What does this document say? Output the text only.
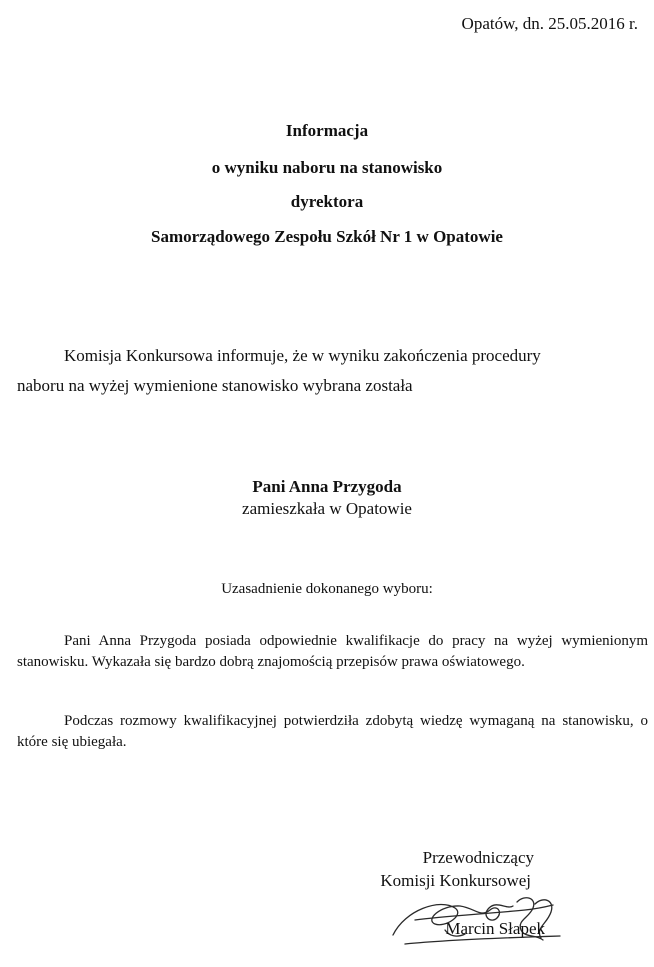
Opatów, dn. 25.05.2016 r.
Informacja
o wyniku naboru na stanowisko
dyrektora
Samorządowego Zespołu Szkół Nr 1 w Opatowie

Komisja Konkursowa informuje, że w wyniku zakończenia procedury

naboru na wyżej wymienione stanowisko wybrana została

Pani Anna Przygoda
zamieszkała w Opatowie
Uzasadnienie dokonanego wyboru:

Pani Anna Przygoda posiada odpowiednie kwalifikacje do pracy na wyżej wymienionym stanowisku. Wykazała się bardzo dobrą znajomością przepisów prawa oświatowego.

Podczas rozmowy kwalifikacyjnej potwierdziła zdobytą wiedzę wymaganą na stanowisku, o które się ubiegała.

Przewodniczący
Komisji Konkursowej
Marcin Słapek
